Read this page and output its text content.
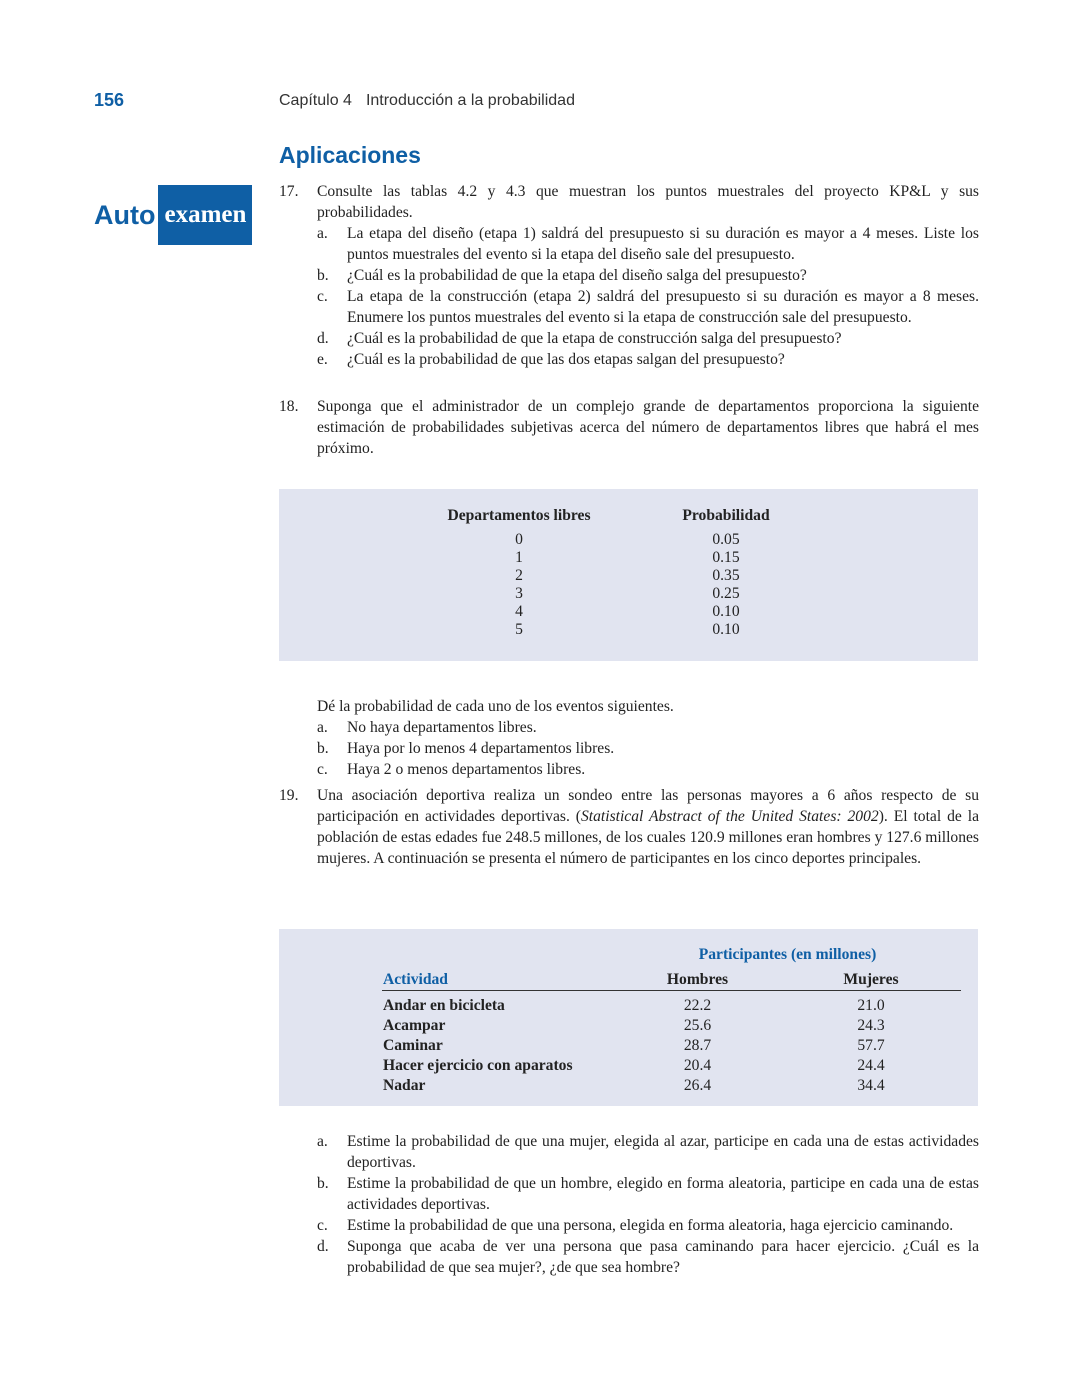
156	Capítulo 4 Introducción a la probabilidad
Aplicaciones
Auto examen
17.	Consulte las tablas 4.2 y 4.3 que muestran los puntos muestrales del proyecto KP&L y sus probabilidades.
a. La etapa del diseño (etapa 1) saldrá del presupuesto si su duración es mayor a 4 meses. Liste los puntos muestrales del evento si la etapa del diseño sale del presupuesto.
b. ¿Cuál es la probabilidad de que la etapa del diseño salga del presupuesto?
c. La etapa de la construcción (etapa 2) saldrá del presupuesto si su duración es mayor a 8 meses. Enumere los puntos muestrales del evento si la etapa de construcción sale del presupuesto.
d. ¿Cuál es la probabilidad de que la etapa de construcción salga del presupuesto?
e. ¿Cuál es la probabilidad de que las dos etapas salgan del presupuesto?
18.	Suponga que el administrador de un complejo grande de departamentos proporciona la siguiente estimación de probabilidades subjetivas acerca del número de departamentos libres que habrá el mes próximo.
Departamentos libres		Probabilidad
0		0.05
1		0.15
2		0.35
3		0.25
4		0.10
5		0.10
Dé la probabilidad de cada uno de los eventos siguientes.
a. No haya departamentos libres.
b. Haya por lo menos 4 departamentos libres.
c. Haya 2 o menos departamentos libres.
19.	Una asociación deportiva realiza un sondeo entre las personas mayores a 6 años respecto de su participación en actividades deportivas. (Statistical Abstract of the United States: 2002). El total de la población de estas edades fue 248.5 millones, de los cuales 120.9 millones eran hombres y 127.6 millones mujeres. A continuación se presenta el número de participantes en los cinco deportes principales.
	Participantes (en millones)	
Actividad	Hombres	Mujeres
Andar en bicicleta	22.2	21.0
Acampar	25.6	24.3
Caminar	28.7	57.7
Hacer ejercicio con aparatos	20.4	24.4
Nadar	26.4	34.4
a. Estime la probabilidad de que una mujer, elegida al azar, participe en cada una de estas actividades deportivas.
b. Estime la probabilidad de que un hombre, elegido en forma aleatoria, participe en cada una de estas actividades deportivas.
c. Estime la probabilidad de que una persona, elegida en forma aleatoria, haga ejercicio caminando.
d. Suponga que acaba de ver una persona que pasa caminando para hacer ejercicio. ¿Cuál es la probabilidad de que sea mujer?, ¿de que sea hombre?
